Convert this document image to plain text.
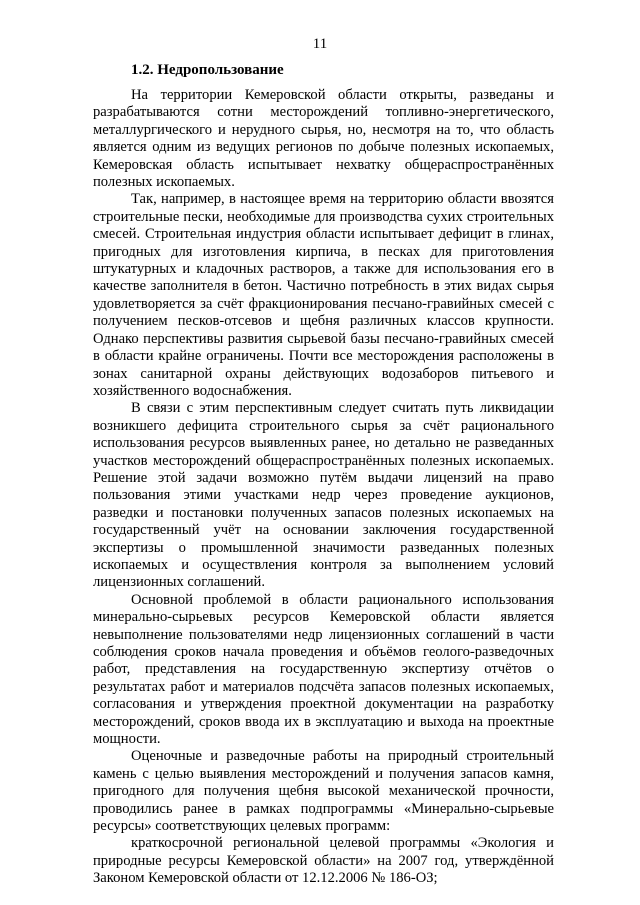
11
1.2. Недропользование

На территории Кемеровской области открыты, разведаны и разрабатываются сотни месторождений топливно-энергетического, металлургического и нерудного сырья, но, несмотря на то, что область является одним из ведущих регионов по добыче полезных ископаемых, Кемеровская область испытывает нехватку общераспространённых полезных ископаемых.

Так, например, в настоящее время на территорию области ввозятся строительные пески, необходимые для производства сухих строительных смесей. Строительная индустрия области испытывает дефицит в глинах, пригодных для изготовления кирпича, в песках для приготовления штукатурных и кладочных растворов, а также для использования его в качестве заполнителя в бетон. Частично потребность в этих видах сырья удовлетворяется за счёт фракционирования песчано-гравийных смесей с получением песков-отсевов и щебня различных классов крупности. Однако перспективы развития сырьевой базы песчано-гравийных смесей в области крайне ограничены. Почти все месторождения расположены в зонах санитарной охраны действующих водозаборов питьевого и хозяйственного водоснабжения.

В связи с этим перспективным следует считать путь ликвидации возникшего дефицита строительного сырья за счёт рационального использования ресурсов выявленных ранее, но детально не разведанных участков месторождений общераспространённых полезных ископаемых. Решение этой задачи возможно путём выдачи лицензий на право пользования этими участками недр через проведение аукционов, разведки и постановки полученных запасов полезных ископаемых на государственный учёт на основании заключения государственной экспертизы о промышленной значимости разведанных полезных ископаемых и осуществления контроля за выполнением условий лицензионных соглашений.

Основной проблемой в области рационального использования минерально-сырьевых ресурсов Кемеровской области является невыполнение пользователями недр лицензионных соглашений в части соблюдения сроков начала проведения и объёмов геолого-разведочных работ, представления на государственную экспертизу отчётов о результатах работ и материалов подсчёта запасов полезных ископаемых, согласования и утверждения проектной документации на разработку месторождений, сроков ввода их в эксплуатацию и выхода на проектные мощности.

Оценочные и разведочные работы на природный строительный камень с целью выявления месторождений и получения запасов камня, пригодного для получения щебня высокой механической прочности, проводились ранее в рамках подпрограммы «Минерально-сырьевые ресурсы» соответствующих целевых программ:

краткосрочной региональной целевой программы «Экология и природные ресурсы Кемеровской области» на 2007 год, утверждённой Законом Кемеровской области от 12.12.2006 № 186-ОЗ;
